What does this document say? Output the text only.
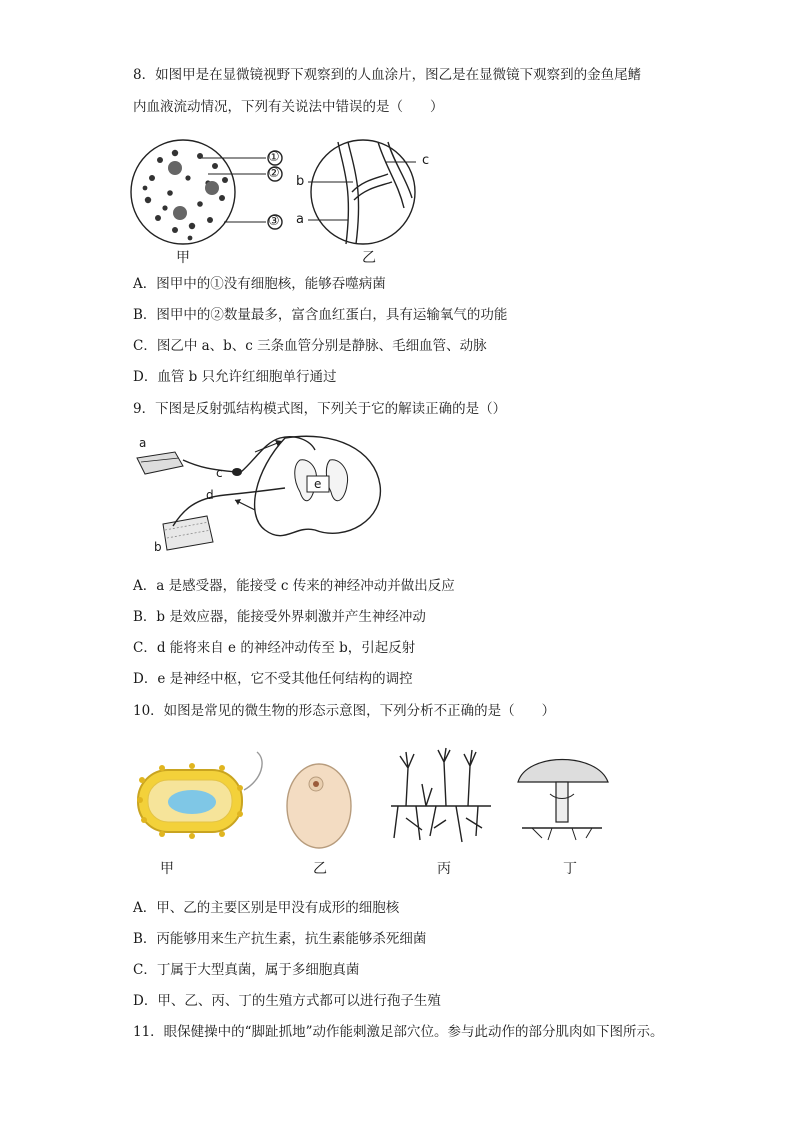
8．如图甲是在显微镜视野下观察到的人血涂片，图乙是在显微镜下观察到的金鱼尾鳍
内血液流动情况，下列有关说法中错误的是（　　）
①
②
③ a
b
c
甲	乙
A．图甲中的①没有细胞核，能够吞噬病菌
B．图甲中的②数量最多，富含血红蛋白，具有运输氧气的功能
C．图乙中 a、b、c 三条血管分别是静脉、毛细血管、动脉
D．血管 b 只允许红细胞单行通过
9．下图是反射弧结构模式图，下列关于它的解读正确的是（）
a
b
c
d
e
A．a 是感受器，能接受 c 传来的神经冲动并做出反应
B．b 是效应器，能接受外界刺激并产生神经冲动
C．d 能将来自 e 的神经冲动传至 b，引起反射
D．e 是神经中枢，它不受其他任何结构的调控
10．如图是常见的微生物的形态示意图，下列分析不正确的是（　　）
甲	乙	丙	丁
A．甲、乙的主要区别是甲没有成形的细胞核
B．丙能够用来生产抗生素，抗生素能够杀死细菌
C．丁属于大型真菌，属于多细胞真菌
D．甲、乙、丙、丁的生殖方式都可以进行孢子生殖
11．眼保健操中的“脚趾抓地”动作能刺激足部穴位。参与此动作的部分肌肉如下图所示。
